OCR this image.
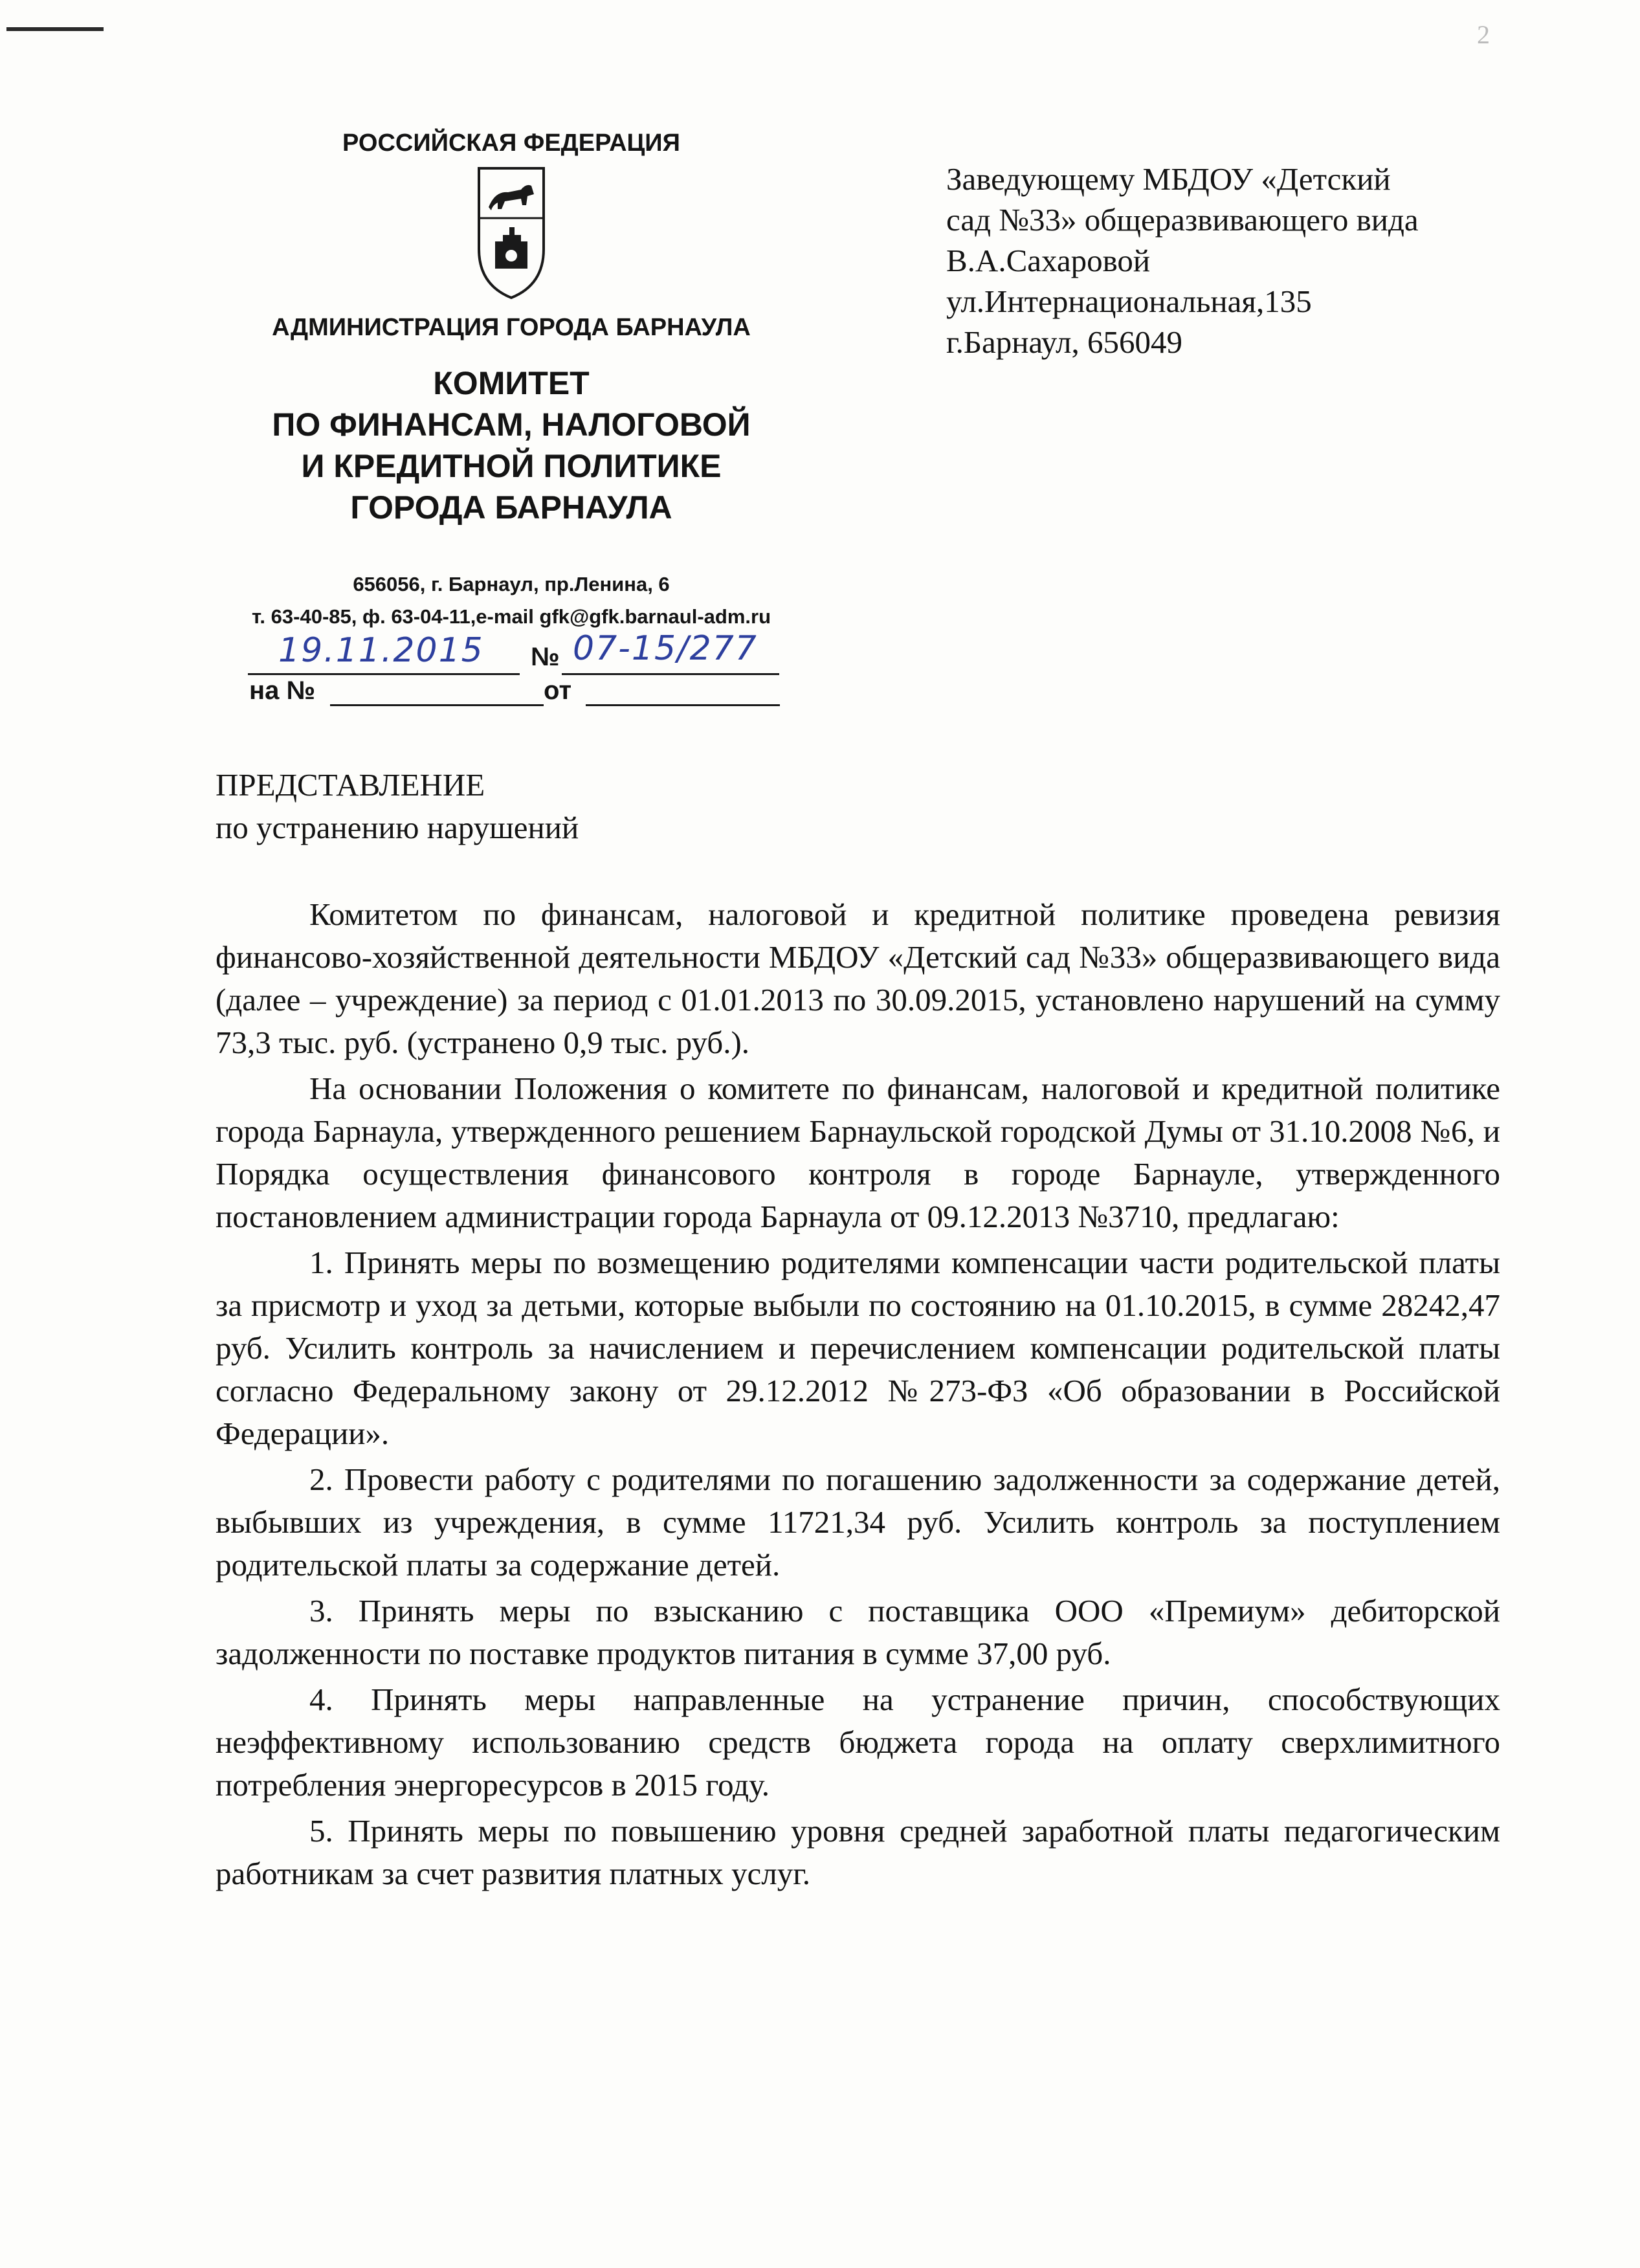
2
РОССИЙСКАЯ ФЕДЕРАЦИЯ
АДМИНИСТРАЦИЯ ГОРОДА БАРНАУЛА
КОМИТЕТ
ПО ФИНАНСАМ, НАЛОГОВОЙ
И КРЕДИТНОЙ ПОЛИТИКЕ
ГОРОДА БАРНАУЛА
656056, г. Барнаул, пр.Ленина, 6
т. 63-40-85, ф. 63-04-11,e-mail gfk@gfk.barnaul-adm.ru
19.11.2015 № 07-15/277
на №	от
Заведующему МБДОУ «Детский
сад №33» общеразвивающего вида
В.А.Сахаровой
ул.Интернациональная,135
г.Барнаул, 656049
ПРЕДСТАВЛЕНИЕ
по устранению нарушений

Комитетом по финансам, налоговой и кредитной политике проведена ревизия финансово-хозяйственной деятельности МБДОУ «Детский сад №33» общеразвивающего вида (далее – учреждение) за период с 01.01.2013 по 30.09.2015, установлено нарушений на сумму 73,3 тыс. руб. (устранено 0,9 тыс. руб.).

На основании Положения о комитете по финансам, налоговой и кредитной политике города Барнаула, утвержденного решением Барнаульской городской Думы от 31.10.2008 №6, и Порядка осуществления финансового контроля в городе Барнауле, утвержденного постановлением администрации города Барнаула от 09.12.2013 №3710, предлагаю:

1. Принять меры по возмещению родителями компенсации части родительской платы за присмотр и уход за детьми, которые выбыли по состоянию на 01.10.2015, в сумме 28242,47 руб. Усилить контроль за начислением и перечислением компенсации родительской платы согласно Федеральному закону от 29.12.2012 №273-ФЗ «Об образовании в Российской Федерации».

2. Провести работу с родителями по погашению задолженности за содержание детей, выбывших из учреждения, в сумме 11721,34 руб. Усилить контроль за поступлением родительской платы за содержание детей.

3. Принять меры по взысканию с поставщика ООО «Премиум» дебиторской задолженности по поставке продуктов питания в сумме 37,00 руб.

4. Принять меры направленные на устранение причин, способствующих неэффективному использованию средств бюджета города на оплату сверхлимитного потребления энергоресурсов в 2015 году.

5. Принять меры по повышению уровня средней заработной платы педагогическим работникам за счет развития платных услуг.
